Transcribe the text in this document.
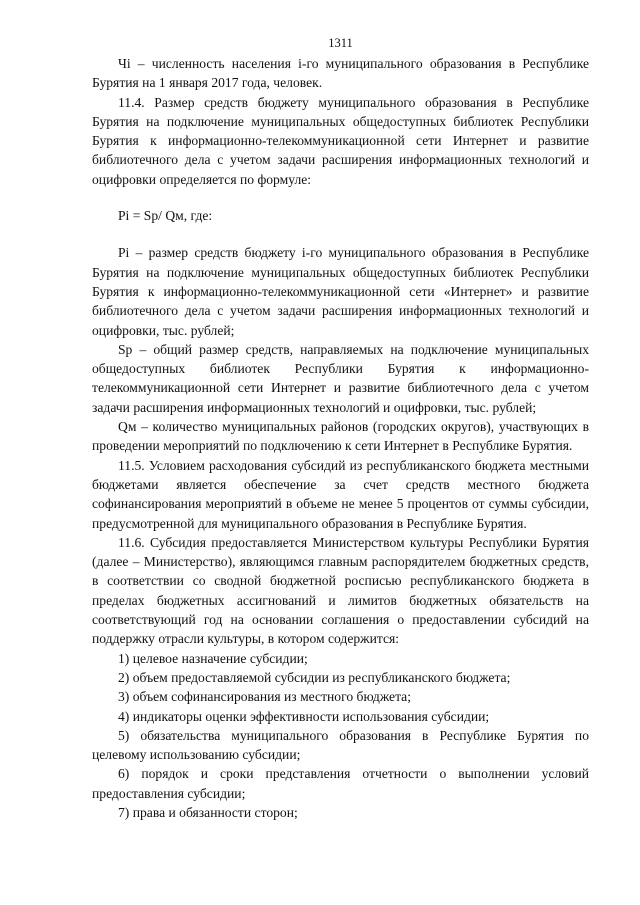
1311

Чi – численность населения i-го муниципального образования в Республике Бурятия на 1 января 2017 года, человек.

11.4. Размер средств бюджету муниципального образования в Республике Бурятия на подключение муниципальных общедоступных библиотек Республики Бурятия к информационно-телекоммуникационной сети Интернет и развитие библиотечного дела с учетом задачи расширения информационных технологий и оцифровки определяется по формуле:

Рi = Sp/ Qм, где:

Рi – размер средств бюджету i-го муниципального образования в Республике Бурятия на подключение муниципальных общедоступных библиотек Республики Бурятия к информационно-телекоммуникационной сети «Интернет» и развитие библиотечного дела с учетом задачи расширения информационных технологий и оцифровки, тыс. рублей;

Sp – общий размер средств, направляемых на подключение муниципальных общедоступных библиотек Республики Бурятия к информационно-телекоммуникационной сети Интернет и развитие библиотечного дела с учетом задачи расширения информационных технологий и оцифровки, тыс. рублей;

Qм – количество муниципальных районов (городских округов), участвующих в проведении мероприятий по подключению к сети Интернет в Республике Бурятия.

11.5. Условием расходования субсидий из республиканского бюджета местными бюджетами является обеспечение за счет средств местного бюджета софинансирования мероприятий в объеме не менее 5 процентов от суммы субсидии, предусмотренной для муниципального образования в Республике Бурятия.

11.6. Субсидия предоставляется Министерством культуры Республики Бурятия (далее – Министерство), являющимся главным распорядителем бюджетных средств, в соответствии со сводной бюджетной росписью республиканского бюджета в пределах бюджетных ассигнований и лимитов бюджетных обязательств на соответствующий год на основании соглашения о предоставлении субсидий на поддержку отрасли культуры, в котором содержится:

1) целевое назначение субсидии;

2) объем предоставляемой субсидии из республиканского бюджета;

3) объем софинансирования из местного бюджета;

4) индикаторы оценки эффективности использования субсидии;

5) обязательства муниципального образования в Республике Бурятия по целевому использованию субсидии;

6) порядок и сроки представления отчетности о выполнении условий предоставления субсидии;

7) права и обязанности сторон;
